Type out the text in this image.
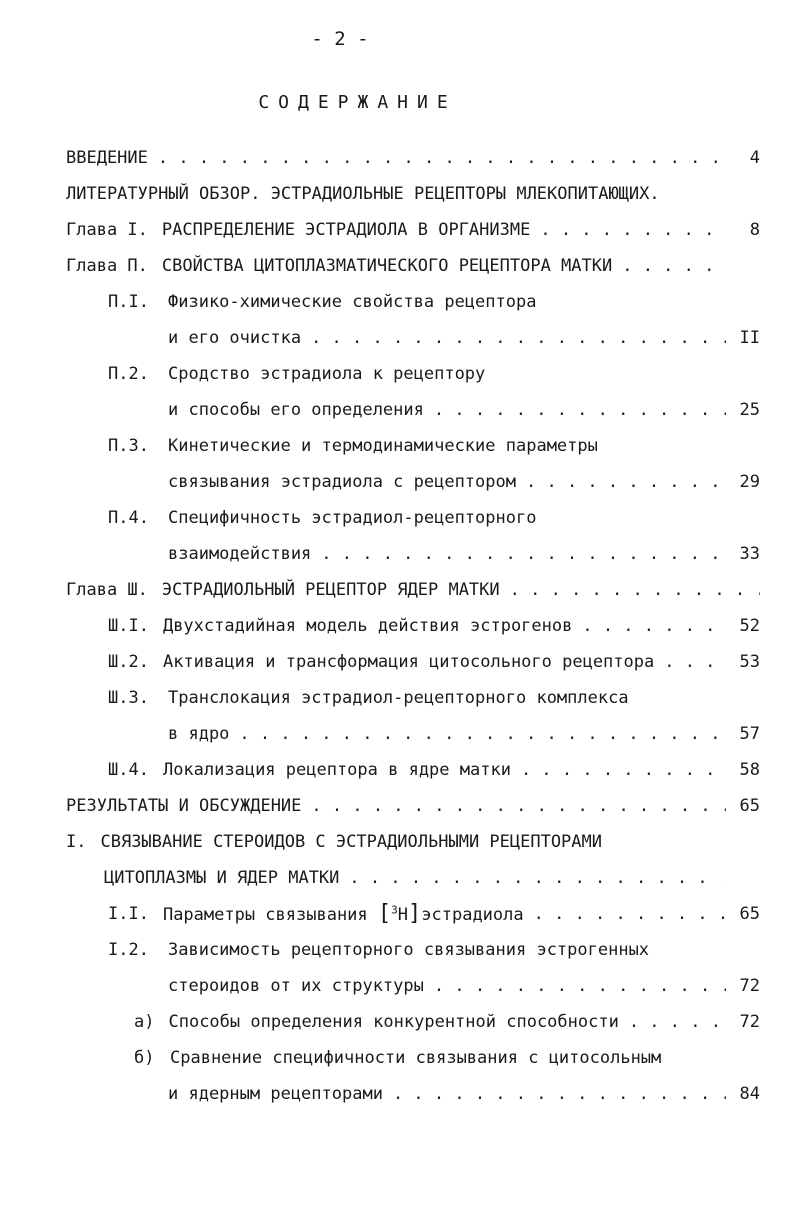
- 2 -
СОДЕРЖАНИЕ
ВВЕДЕНИЕ . . .	4
ЛИТЕРАТУРНЫЙ ОБЗОР. ЭСТРАДИОЛЬНЫЕ РЕЦЕПТОРЫ МЛЕКОПИТАЮЩИХ.
Глава I. РАСПРЕДЕЛЕНИЕ ЭСТРАДИОЛА В ОРГАНИЗМЕ . . .	8
Глава П. СВОЙСТВА ЦИТОПЛАЗМАТИЧЕСКОГО РЕЦЕПТОРА МАТКИ
. . .
П.I. Физико-химические свойства рецептора
и его очистка . . .	II
П.2. Сродство эстрадиола к рецептору
и способы его определения . . .	25
П.3. Кинетические и термодинамические параметры
связывания эстрадиола с рецептором . . .	29
П.4. Специфичность эстрадиол-рецепторного
взаимодействия . . .	33
Глава Ш. ЭСТРАДИОЛЬНЫЙ РЕЦЕПТОР ЯДЕР МАТКИ
. . .
Ш.I. Двухстадийная модель действия эстрогенов . . .	52
Ш.2. Активация и трансформация цитосольного рецептора . . .	53
Ш.3. Транслокация эстрадиол-рецепторного комплекса
в ядро . . .	57
Ш.4. Локализация рецептора в ядре матки . . .	58
РЕЗУЛЬТАТЫ И ОБСУЖДЕНИЕ . . .	65
I. СВЯЗЫВАНИЕ СТЕРОИДОВ С ЭСТРАДИОЛЬНЫМИ РЕЦЕПТОРАМИ
ЦИТОПЛАЗМЫ И ЯДЕР МАТКИ
. . .
I.I. Параметры связывания [$^3$Н]эстрадиола . . .	65
I.2. Зависимость рецепторного связывания эстрогенных
стероидов от их структуры . . .	72
а) Способы определения конкурентной способности . . .	72
б) Сравнение специфичности связывания с цитосольным
и ядерным рецепторами . . .	84
